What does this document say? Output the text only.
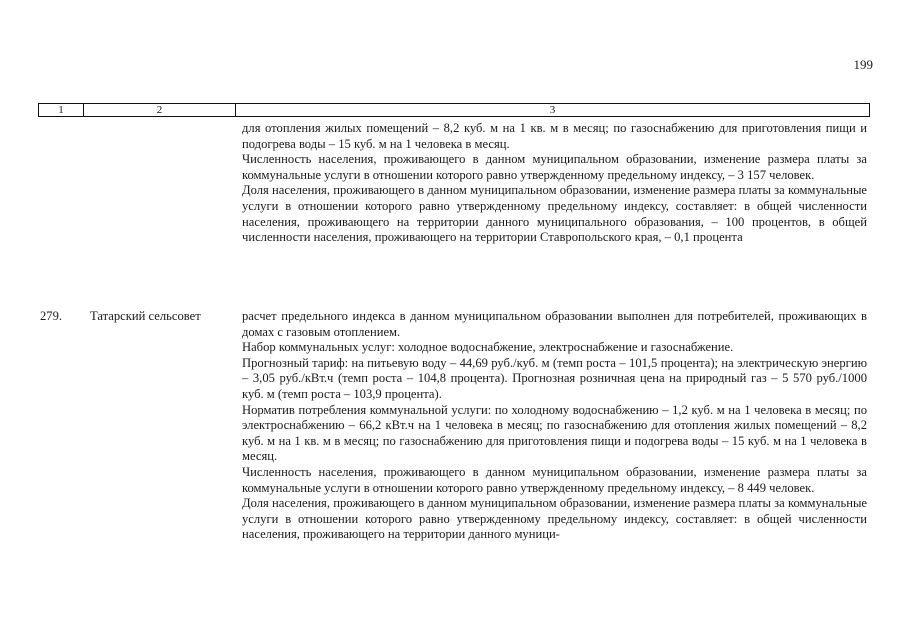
199
1	2	3

для отопления жилых помещений – 8,2 куб. м на 1 кв. м в месяц; по газоснабжению для приготовления пищи и подогрева воды – 15 куб. м на 1 человека в месяц.

Численность населения, проживающего в данном муниципальном образовании, изменение размера платы за коммунальные услуги в отношении которого равно утвержденному предельному индексу, – 3 157 человек.

Доля населения, проживающего в данном муниципальном образовании, изменение размера платы за коммунальные услуги в отношении которого равно утвержденному предельному индексу, составляет: в общей численности населения, проживающего на территории данного муниципального образования, – 100 процентов, в общей численности населения, проживающего на территории Ставропольского края, – 0,1 процента

279.	Татарский сельсовет	расчет предельного индекса в данном муниципальном образовании выполнен для потребителей, проживающих в домах с газовым отоплением.

Набор коммунальных услуг: холодное водоснабжение, электроснабжение и газоснабжение.

Прогнозный тариф: на питьевую воду – 44,69 руб./куб. м (темп роста – 101,5 процента); на электрическую энергию – 3,05 руб./кВт.ч (темп роста – 104,8 процента). Прогнозная розничная цена на природный газ – 5 570 руб./1000 куб. м (темп роста – 103,9 процента).

Норматив потребления коммунальной услуги: по холодному водоснабжению – 1,2 куб. м на 1 человека в месяц; по электроснабжению – 66,2 кВт.ч на 1 человека в месяц; по газоснабжению для отопления жилых помещений – 8,2 куб. м на 1 кв. м в месяц; по газоснабжению для приготовления пищи и подогрева воды – 15 куб. м на 1 человека в месяц.

Численность населения, проживающего в данном муниципальном образовании, изменение размера платы за коммунальные услуги в отношении которого равно утвержденному предельному индексу, – 8 449 человек.

Доля населения, проживающего в данном муниципальном образовании, изменение размера платы за коммунальные услуги в отношении которого равно утвержденному предельному индексу, составляет: в общей численности населения, проживающего на территории данного муници-
